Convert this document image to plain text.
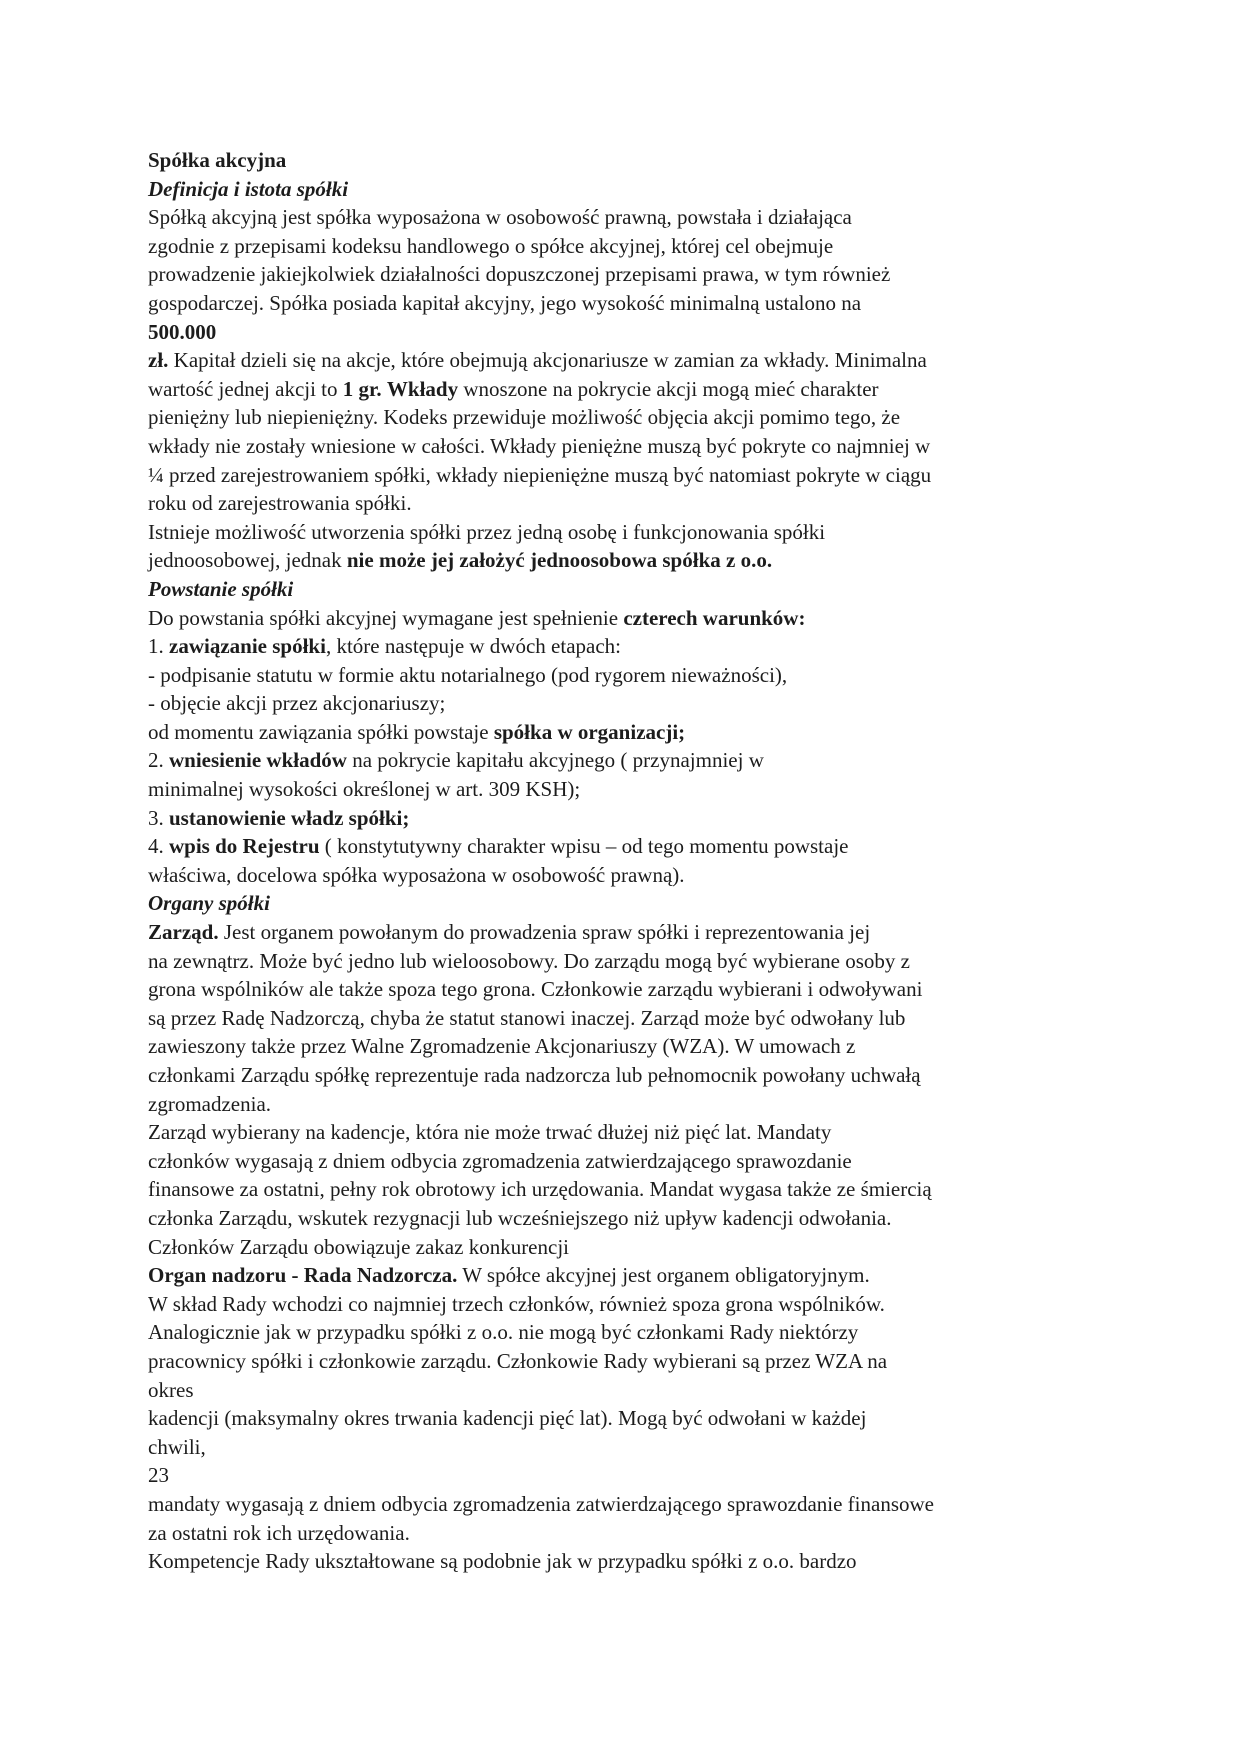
Spółka akcyjna
Definicja i istota spółki
Spółką akcyjną jest spółka wyposażona w osobowość prawną, powstała i działająca
zgodnie z przepisami kodeksu handlowego o spółce akcyjnej, której cel obejmuje
prowadzenie jakiejkolwiek działalności dopuszczonej przepisami prawa, w tym również
gospodarczej. Spółka posiada kapitał akcyjny, jego wysokość minimalną ustalono na
500.000
zł. Kapitał dzieli się na akcje, które obejmują akcjonariusze w zamian za wkłady. Minimalna
wartość jednej akcji to 1 gr. Wkłady wnoszone na pokrycie akcji mogą mieć charakter
pieniężny lub niepieniężny. Kodeks przewiduje możliwość objęcia akcji pomimo tego, że
wkłady nie zostały wniesione w całości. Wkłady pieniężne muszą być pokryte co najmniej w
¼ przed zarejestrowaniem spółki, wkłady niepieniężne muszą być natomiast pokryte w ciągu
roku od zarejestrowania spółki.
Istnieje możliwość utworzenia spółki przez jedną osobę i funkcjonowania spółki
jednoosobowej, jednak nie może jej założyć jednoosobowa spółka z o.o.
Powstanie spółki
Do powstania spółki akcyjnej wymagane jest spełnienie czterech warunków:
1. zawiązanie spółki, które następuje w dwóch etapach:
- podpisanie statutu w formie aktu notarialnego (pod rygorem nieważności),
- objęcie akcji przez akcjonariuszy;
od momentu zawiązania spółki powstaje spółka w organizacji;
2. wniesienie wkładów na pokrycie kapitału akcyjnego ( przynajmniej w
minimalnej wysokości określonej w art. 309 KSH);
3. ustanowienie władz spółki;
4. wpis do Rejestru ( konstytutywny charakter wpisu – od tego momentu powstaje
właściwa, docelowa spółka wyposażona w osobowość prawną).
Organy spółki
Zarząd. Jest organem powołanym do prowadzenia spraw spółki i reprezentowania jej
na zewnątrz. Może być jedno lub wieloosobowy. Do zarządu mogą być wybierane osoby z
grona wspólników ale także spoza tego grona. Członkowie zarządu wybierani i odwoływani
są przez Radę Nadzorczą, chyba że statut stanowi inaczej. Zarząd może być odwołany lub
zawieszony także przez Walne Zgromadzenie Akcjonariuszy (WZA). W umowach z
członkami Zarządu spółkę reprezentuje rada nadzorcza lub pełnomocnik powołany uchwałą
zgromadzenia.
Zarząd wybierany na kadencje, która nie może trwać dłużej niż pięć lat. Mandaty
członków wygasają z dniem odbycia zgromadzenia zatwierdzającego sprawozdanie
finansowe za ostatni, pełny rok obrotowy ich urzędowania. Mandat wygasa także ze śmiercią
członka Zarządu, wskutek rezygnacji lub wcześniejszego niż upływ kadencji odwołania.
Członków Zarządu obowiązuje zakaz konkurencji
Organ nadzoru - Rada Nadzorcza. W spółce akcyjnej jest organem obligatoryjnym.
W skład Rady wchodzi co najmniej trzech członków, również spoza grona wspólników.
Analogicznie jak w przypadku spółki z o.o. nie mogą być członkami Rady niektórzy
pracownicy spółki i członkowie zarządu. Członkowie Rady wybierani są przez WZA na
okres
kadencji (maksymalny okres trwania kadencji pięć lat). Mogą być odwołani w każdej
chwili,
23
mandaty wygasają z dniem odbycia zgromadzenia zatwierdzającego sprawozdanie finansowe
za ostatni rok ich urzędowania.
Kompetencje Rady ukształtowane są podobnie jak w przypadku spółki z o.o. bardzo
